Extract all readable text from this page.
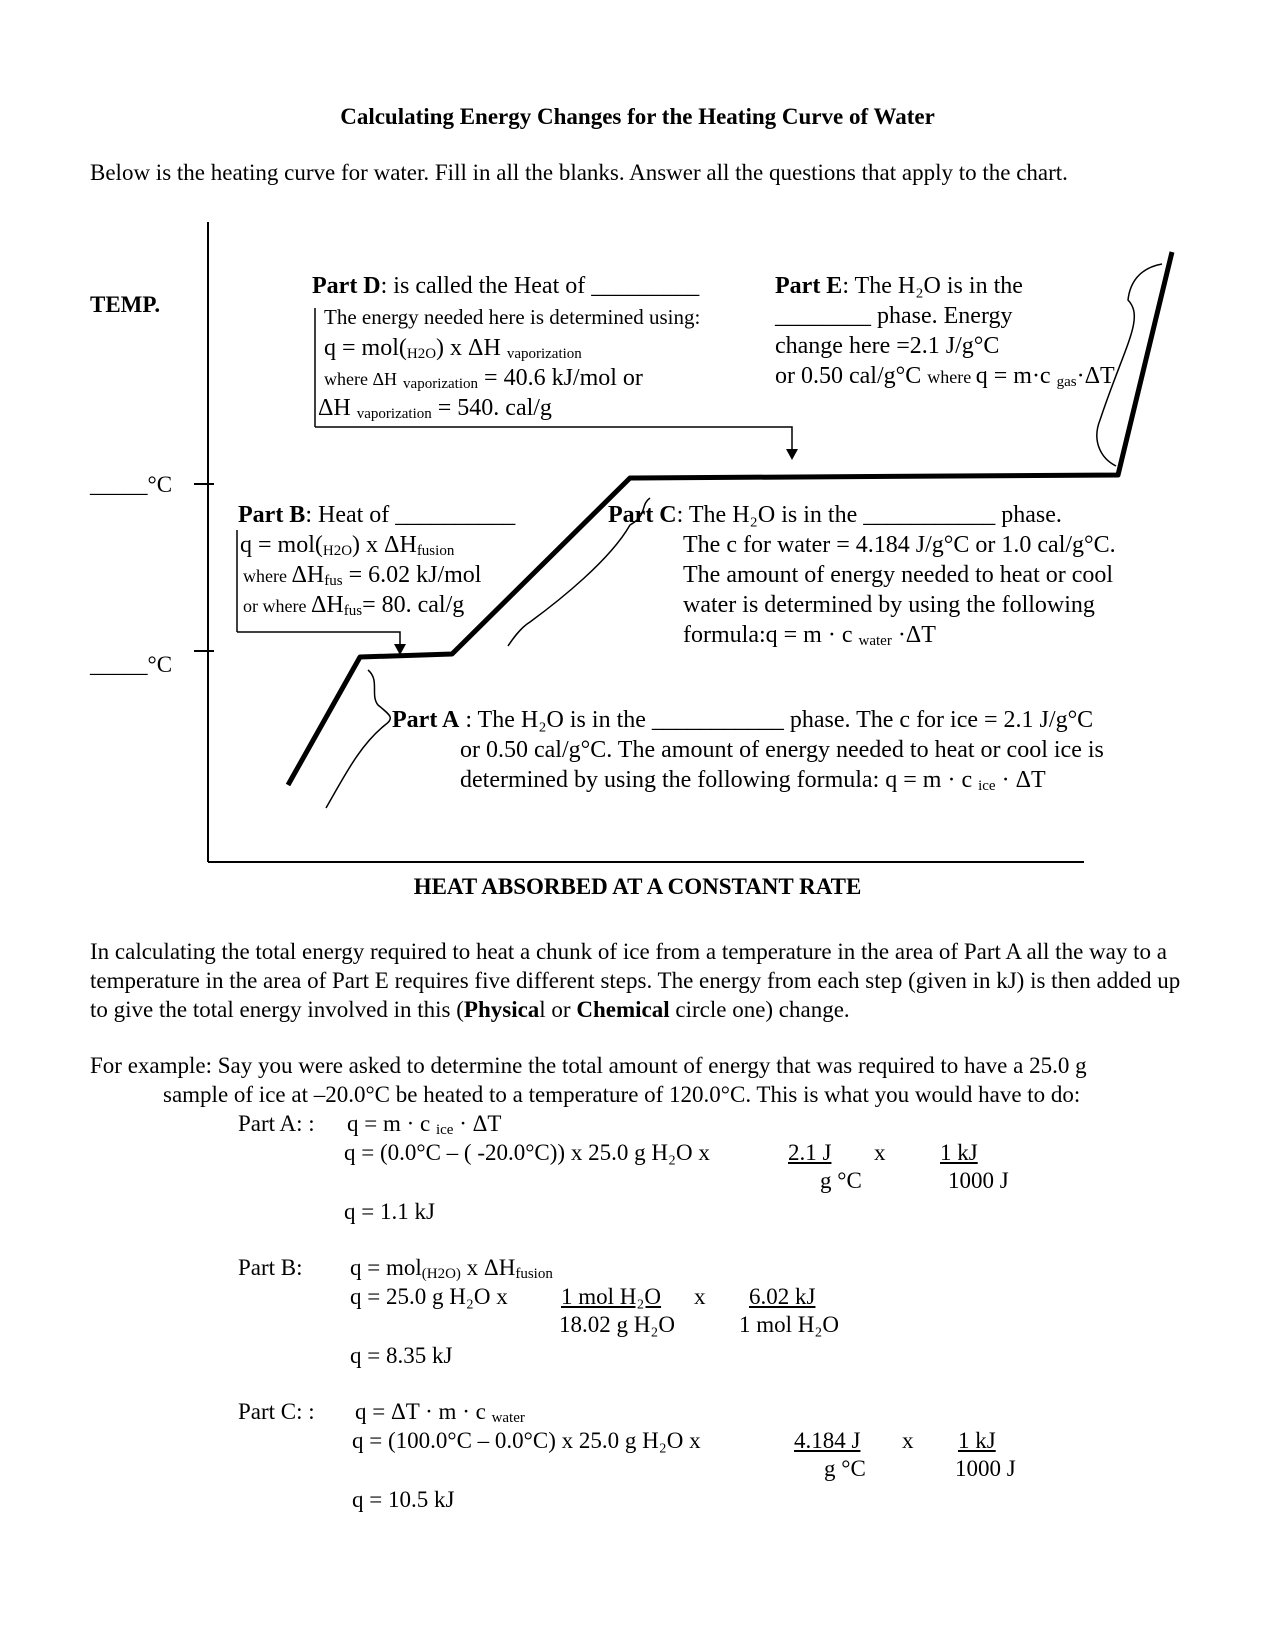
Calculating Energy Changes for the Heating Curve of Water
Below is the heating curve for water. Fill in all the blanks. Answer all the questions that apply to the chart.
TEMP.
_____°C
_____°C
HEAT ABSORBED AT A CONSTANT RATE
Part D: is called the Heat of _________
The energy needed here is determined using:
$q = mol(_{H2O})$ x ΔH $_{vaporization}$
where ΔH $_{vaporization}$ = 40.6 kJ/mol or
ΔH $_{vaporization}$ = 540. cal/g
Part E: The H₂O is in the
________ phase. Energy
change here =2.1 J/g°C
or 0.50 cal/g°C where q = m·c $_{gas}$·ΔT
Part B: Heat of __________
$q = mol(_{H2O})$ x $\Delta H_{fusion}$
where $\Delta H_{fus} = 6.02$ kJ/mol
or where $\Delta H_{fus}= 80$. cal/g
Part C: The H₂O is in the ___________ phase.
The c for water = 4.184 J/g°C or 1.0 cal/g°C.
The amount of energy needed to heat or cool
water is determined by using the following
formula:q = m · c $_{water}$ ·ΔT
Part A : The H₂O is in the ___________ phase. The c for ice = 2.1 J/g°C
or 0.50 cal/g°C. The amount of energy needed to heat or cool ice is
determined by using the following formula: q = m · c $_{ice}$ · ΔT
In calculating the total energy required to heat a chunk of ice from a temperature in the area of Part A all the way to a temperature in the area of Part E requires five different steps. The energy from each step (given in kJ) is then added up to give the total energy involved in this (Physical or Chemical circle one) change.
For example: Say you were asked to determine the total amount of energy that was required to have a 25.0 g
sample of ice at –20.0°C be heated to a temperature of 120.0°C. This is what you would have to do:
Part A: : q = m · c $_{ice}$ · ΔT
q = (0.0°C – ( -20.0°C)) x 25.0 g H₂O x	2.1 J
g °C
x 1 kJ
1000 J
q = 1.1 kJ
Part B: q = mol$_{(H2O)}$ x $\Delta H_{fusion}$
q = 25.0 g H₂O x 1 mol H₂O
18.02 g H₂O
x 6.02 kJ
1 mol H₂O
q = 8.35 kJ
Part C: : q = ΔT · m · c $_{water}$
q = (100.0°C – 0.0°C) x 25.0 g H₂O x	4.184 J
g °C
x 1 kJ
1000 J
q = 10.5 kJ
